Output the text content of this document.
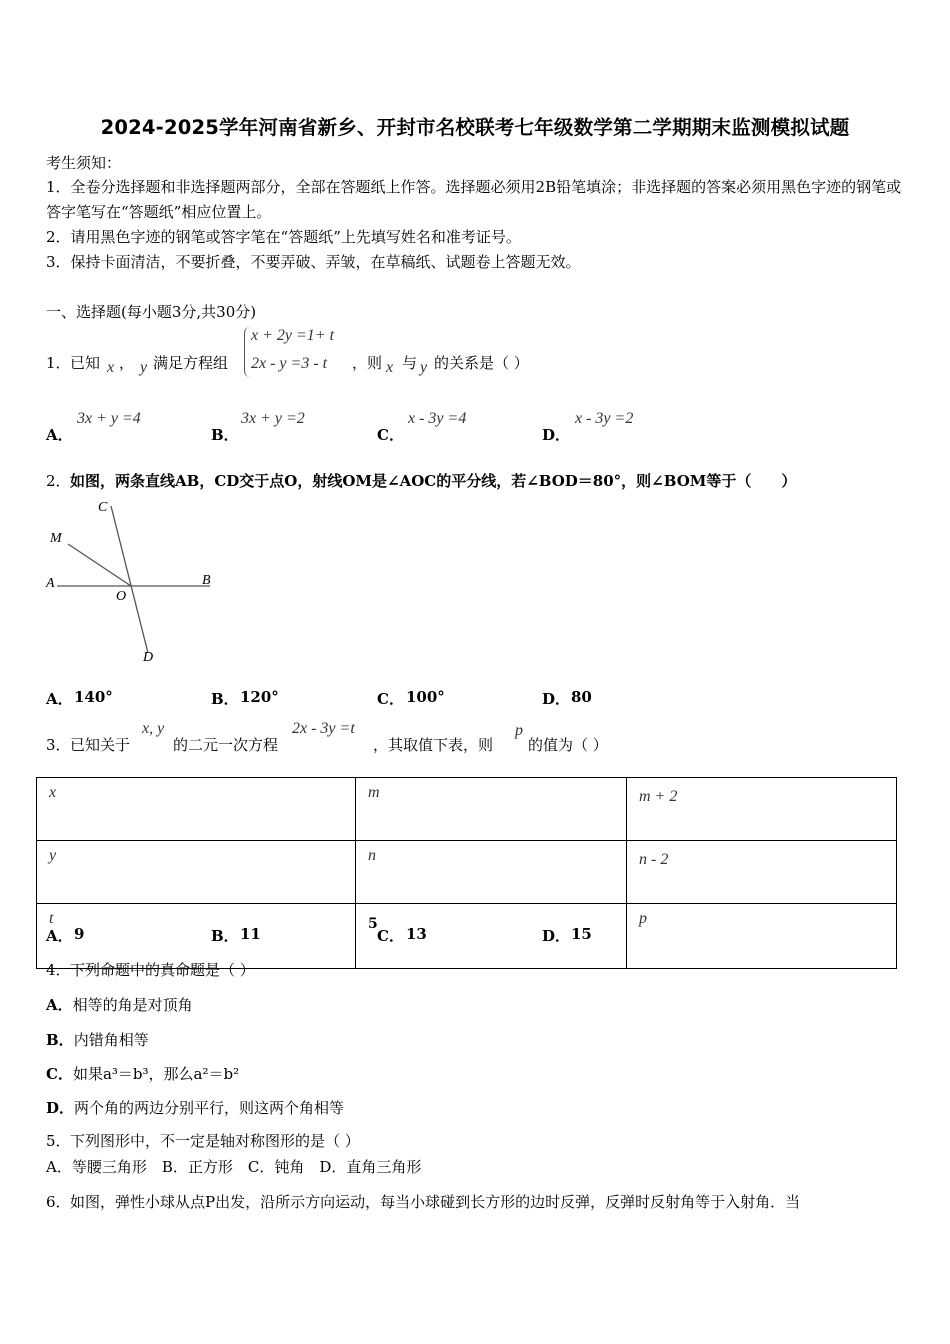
2024-2025学年河南省新乡、开封市名校联考七年级数学第二学期期末监测模拟试题
考生须知：
1．全卷分选择题和非选择题两部分，全部在答题纸上作答。选择题必须用2B铅笔填涂；非选择题的答案必须用黑色字迹的钢笔或答字笔写在“答题纸”相应位置上。
2．请用黑色字迹的钢笔或答字笔在“答题纸”上先填写姓名和准考证号。
3．保持卡面清洁，不要折叠，不要弄破、弄皱，在草稿纸、试题卷上答题无效。
一、选择题(每小题3分,共30分)
1． 已知 x ， y 满足方程组
x + 2y =1+ t
2x - y =3 - t ，则 x 与 y 的关系是（ ）
A．
3x + y =4
B．
3x + y =2
C．
x - 3y =4
D．
x - 3y =2
2． 如图，两条直线AB，CD交于点O，射线OM是∠AOC的平分线，若∠BOD＝80°，则∠BOM等于（　　）
C
M
A	B
O
D
A． 140°	B． 120°	C． 100°	D． 80
3． 已知关于
x, y
的二元一次方程
2x - 3y =t
，其取值下表，则
p
的值为（ ）
x	m	m + 2
y	n	n - 2
t	5	p
A． 9	B． 11	C． 13	D． 15
4． 下列命题中的真命题是（ ）
A．相等的角是对顶角
B．内错角相等
C．如果a³＝b³，那么a²＝b²
D．两个角的两边分别平行，则这两个角相等
5． 下列图形中，不一定是轴对称图形的是（ ）
A．等腰三角形　B．正方形　C．钝角　D．直角三角形
6． 如图，弹性小球从点P出发，沿所示方向运动，每当小球碰到长方形的边时反弹，反弹时反射角等于入射角．当
